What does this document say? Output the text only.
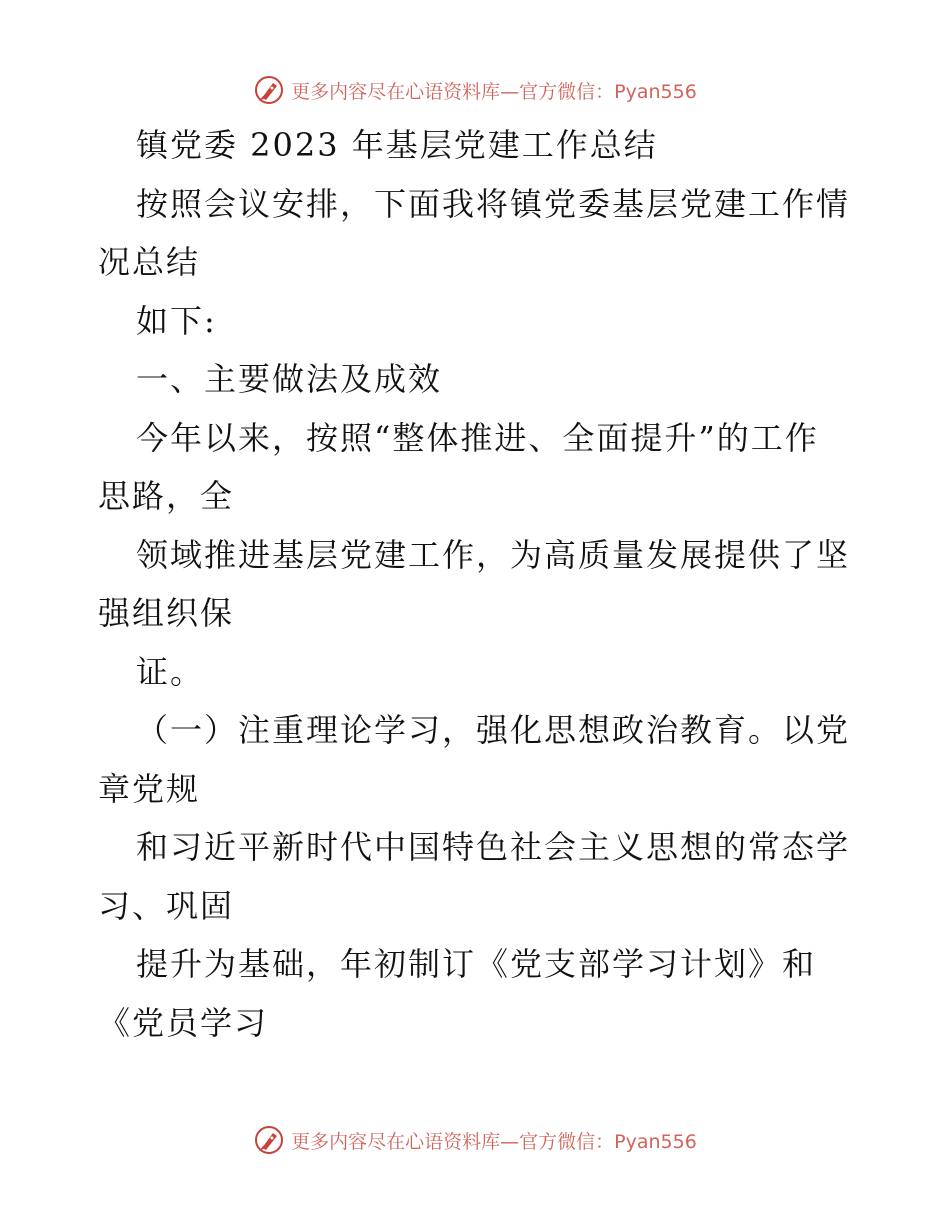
更多内容尽在心语资料库—官方微信：Pyan556
镇党委 2023 年基层党建工作总结
按照会议安排，下面我将镇党委基层党建工作情
况总结
如下:
一、主要做法及成效
今年以来，按照“整体推进、全面提升”的工作
思路，全
领域推进基层党建工作，为高质量发展提供了坚
强组织保
证。
（一）注重理论学习，强化思想政治教育。以党
章党规
和习近平新时代中国特色社会主义思想的常态学
习、巩固
提升为基础，年初制订《党支部学习计划》和
《党员学习
更多内容尽在心语资料库—官方微信：Pyan556
